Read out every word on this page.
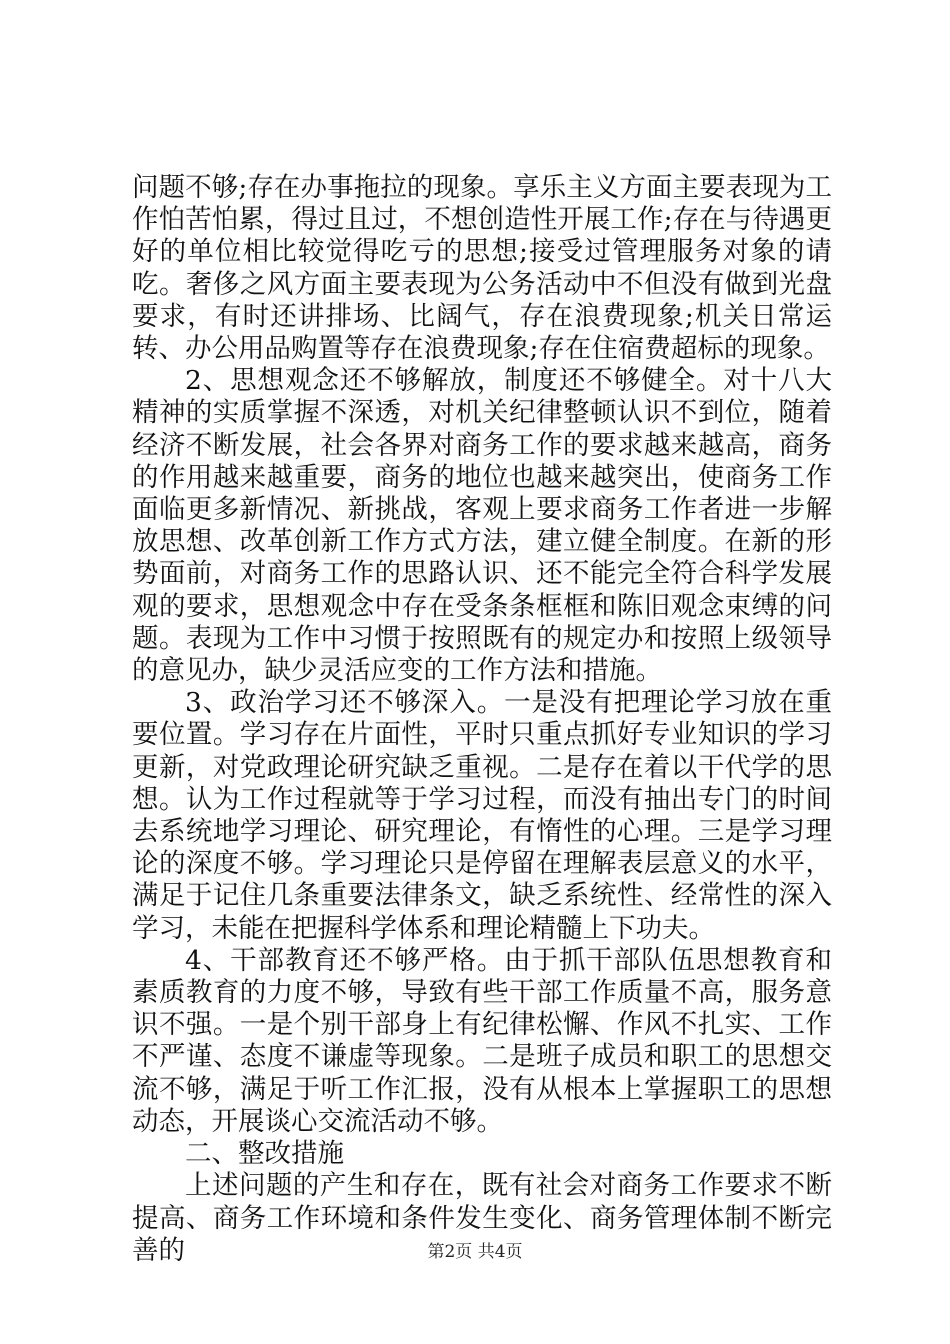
问题不够;存在办事拖拉的现象。享乐主义方面主要表现为工作怕苦怕累，得过且过，不想创造性开展工作;存在与待遇更好的单位相比较觉得吃亏的思想;接受过管理服务对象的请吃。奢侈之风方面主要表现为公务活动中不但没有做到光盘要求，有时还讲排场、比阔气，存在浪费现象;机关日常运转、办公用品购置等存在浪费现象;存在住宿费超标的现象。

2、思想观念还不够解放，制度还不够健全。对十八大精神的实质掌握不深透，对机关纪律整顿认识不到位，随着经济不断发展，社会各界对商务工作的要求越来越高，商务的作用越来越重要，商务的地位也越来越突出，使商务工作面临更多新情况、新挑战，客观上要求商务工作者进一步解放思想、改革创新工作方式方法，建立健全制度。在新的形势面前，对商务工作的思路认识、还不能完全符合科学发展观的要求，思想观念中存在受条条框框和陈旧观念束缚的问题。表现为工作中习惯于按照既有的规定办和按照上级领导的意见办，缺少灵活应变的工作方法和措施。

3、政治学习还不够深入。一是没有把理论学习放在重要位置。学习存在片面性，平时只重点抓好专业知识的学习更新，对党政理论研究缺乏重视。二是存在着以干代学的思想。认为工作过程就等于学习过程，而没有抽出专门的时间去系统地学习理论、研究理论，有惰性的心理。三是学习理论的深度不够。学习理论只是停留在理解表层意义的水平，满足于记住几条重要法律条文，缺乏系统性、经常性的深入学习，未能在把握科学体系和理论精髓上下功夫。

4、干部教育还不够严格。由于抓干部队伍思想教育和素质教育的力度不够，导致有些干部工作质量不高，服务意识不强。一是个别干部身上有纪律松懈、作风不扎实、工作不严谨、态度不谦虚等现象。二是班子成员和职工的思想交流不够，满足于听工作汇报，没有从根本上掌握职工的思想动态，开展谈心交流活动不够。

二、整改措施

上述问题的产生和存在，既有社会对商务工作要求不断提高、商务工作环境和条件发生变化、商务管理体制不断完善的	第2页 共4页
